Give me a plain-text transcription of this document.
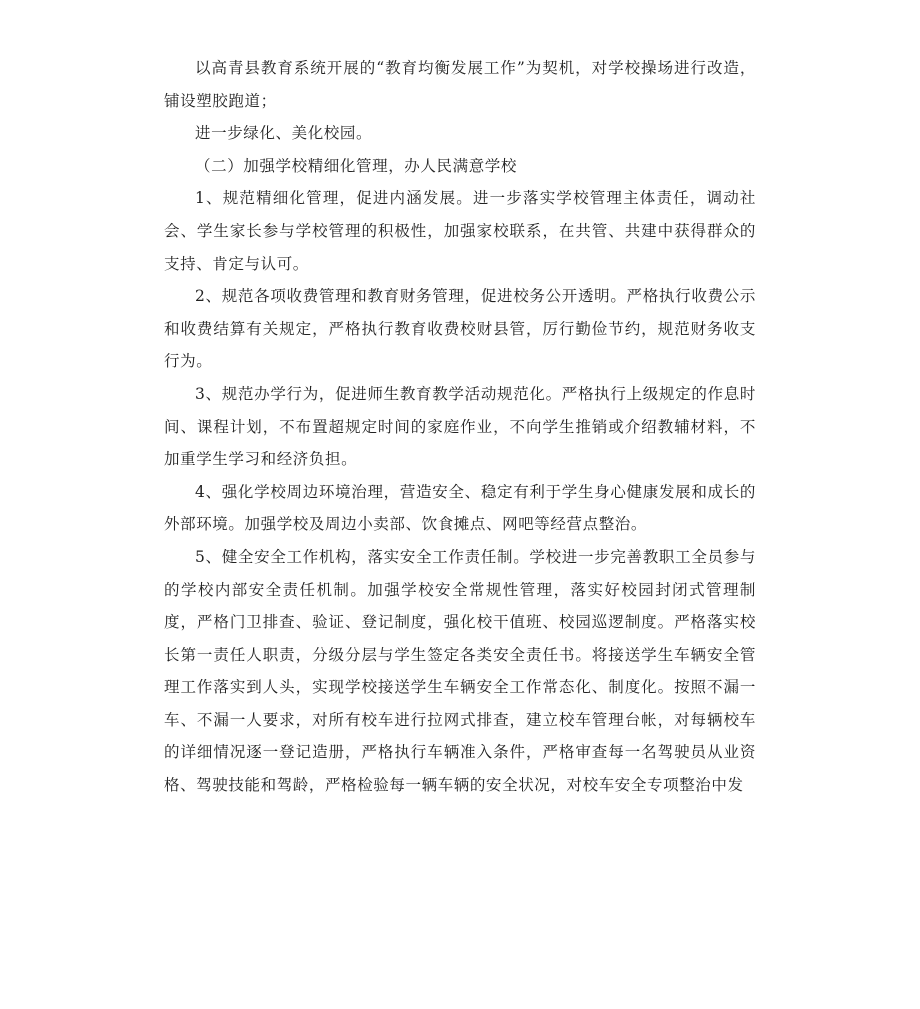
以高青县教育系统开展的“教育均衡发展工作”为契机，对学校操场进行改造，铺设塑胶跑道；

进一步绿化、美化校园。

（二）加强学校精细化管理，办人民满意学校

1、规范精细化管理，促进内涵发展。进一步落实学校管理主体责任，调动社会、学生家长参与学校管理的积极性，加强家校联系，在共管、共建中获得群众的支持、肯定与认可。

2、规范各项收费管理和教育财务管理，促进校务公开透明。严格执行收费公示和收费结算有关规定，严格执行教育收费校财县管，厉行勤俭节约，规范财务收支行为。

3、规范办学行为，促进师生教育教学活动规范化。严格执行上级规定的作息时间、课程计划，不布置超规定时间的家庭作业，不向学生推销或介绍教辅材料，不加重学生学习和经济负担。

4、强化学校周边环境治理，营造安全、稳定有利于学生身心健康发展和成长的外部环境。加强学校及周边小卖部、饮食摊点、网吧等经营点整治。

5、健全安全工作机构，落实安全工作责任制。学校进一步完善教职工全员参与的学校内部安全责任机制。加强学校安全常规性管理，落实好校园封闭式管理制度，严格门卫排查、验证、登记制度，强化校干值班、校园巡逻制度。严格落实校长第一责任人职责，分级分层与学生签定各类安全责任书。将接送学生车辆安全管理工作落实到人头，实现学校接送学生车辆安全工作常态化、制度化。按照不漏一车、不漏一人要求，对所有校车进行拉网式排查，建立校车管理台帐，对每辆校车的详细情况逐一登记造册，严格执行车辆准入条件，严格审查每一名驾驶员从业资格、驾驶技能和驾龄，严格检验每一辆车辆的安全状况，对校车安全专项整治中发
